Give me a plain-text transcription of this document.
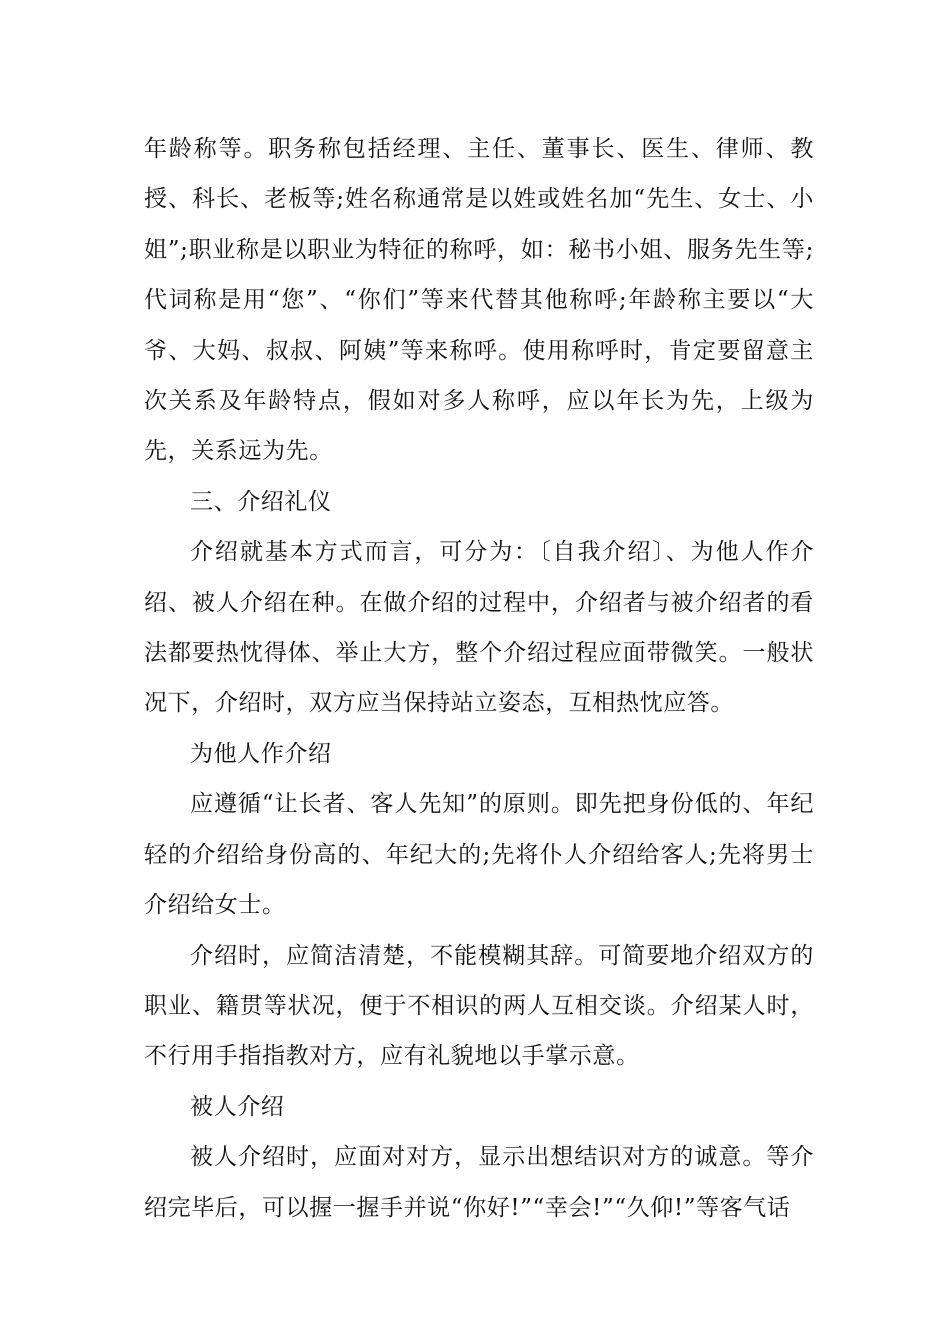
年龄称等。职务称包括经理、主任、董事长、医生、律师、教授、科长、老板等;姓名称通常是以姓或姓名加“先生、女士、小姐”;职业称是以职业为特征的称呼，如：秘书小姐、服务先生等;代词称是用“您”、“你们”等来代替其他称呼;年龄称主要以“大爷、大妈、叔叔、阿姨”等来称呼。使用称呼时，肯定要留意主次关系及年龄特点，假如对多人称呼，应以年长为先，上级为先，关系远为先。

三、介绍礼仪

介绍就基本方式而言，可分为：〔自我介绍〕、为他人作介绍、被人介绍在种。在做介绍的过程中，介绍者与被介绍者的看法都要热忱得体、举止大方，整个介绍过程应面带微笑。一般状况下，介绍时，双方应当保持站立姿态，互相热忱应答。

为他人作介绍

应遵循“让长者、客人先知”的原则。即先把身份低的、年纪轻的介绍给身份高的、年纪大的;先将仆人介绍给客人;先将男士介绍给女士。

介绍时，应简洁清楚，不能模糊其辞。可简要地介绍双方的职业、籍贯等状况，便于不相识的两人互相交谈。介绍某人时，不行用手指指教对方，应有礼貌地以手掌示意。

被人介绍

被人介绍时，应面对对方，显示出想结识对方的诚意。等介绍完毕后，可以握一握手并说“你好!”“幸会!”“久仰!”等客气话
